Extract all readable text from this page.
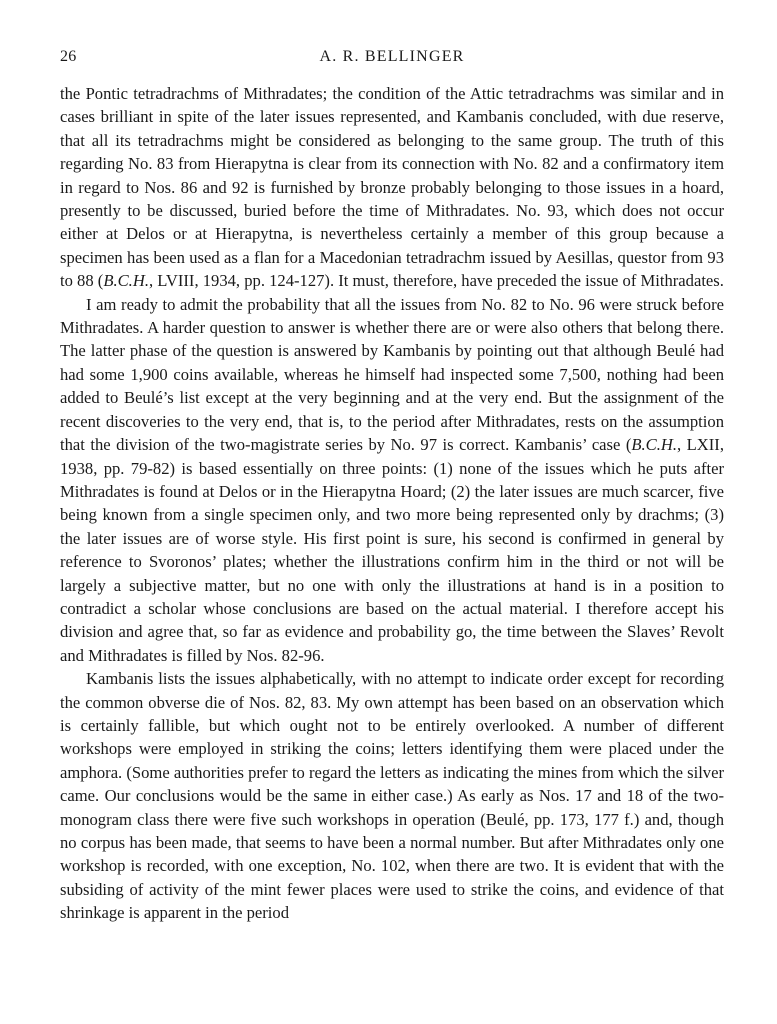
26	A. R. BELLINGER

the Pontic tetradrachms of Mithradates; the condition of the Attic tetradrachms was similar and in cases brilliant in spite of the later issues represented, and Kambanis concluded, with due reserve, that all its tetradrachms might be considered as belonging to the same group. The truth of this regarding No. 83 from Hierapytna is clear from its connection with No. 82 and a confirmatory item in regard to Nos. 86 and 92 is furnished by bronze probably belonging to those issues in a hoard, presently to be discussed, buried before the time of Mithradates. No. 93, which does not occur either at Delos or at Hierapytna, is nevertheless certainly a member of this group because a specimen has been used as a flan for a Macedonian tetradrachm issued by Aesillas, questor from 93 to 88 (B.C.H., LVIII, 1934, pp. 124-127). It must, therefore, have preceded the issue of Mithradates.

I am ready to admit the probability that all the issues from No. 82 to No. 96 were struck before Mithradates. A harder question to answer is whether there are or were also others that belong there. The latter phase of the question is answered by Kambanis by pointing out that although Beulé had had some 1,900 coins available, whereas he himself had inspected some 7,500, nothing had been added to Beulé’s list except at the very beginning and at the very end. But the assignment of the recent discoveries to the very end, that is, to the period after Mithradates, rests on the assumption that the division of the two-magistrate series by No. 97 is correct. Kambanis’ case (B.C.H., LXII, 1938, pp. 79-82) is based essentially on three points: (1) none of the issues which he puts after Mithradates is found at Delos or in the Hierapytna Hoard; (2) the later issues are much scarcer, five being known from a single specimen only, and two more being represented only by drachms; (3) the later issues are of worse style. His first point is sure, his second is confirmed in general by reference to Svoronos’ plates; whether the illustrations confirm him in the third or not will be largely a subjective matter, but no one with only the illustrations at hand is in a position to contradict a scholar whose conclusions are based on the actual material. I therefore accept his division and agree that, so far as evidence and probability go, the time between the Slaves’ Revolt and Mithradates is filled by Nos. 82-96.

Kambanis lists the issues alphabetically, with no attempt to indicate order except for recording the common obverse die of Nos. 82, 83. My own attempt has been based on an observation which is certainly fallible, but which ought not to be entirely overlooked. A number of different workshops were employed in striking the coins; letters identifying them were placed under the amphora. (Some authorities prefer to regard the letters as indicating the mines from which the silver came. Our conclusions would be the same in either case.) As early as Nos. 17 and 18 of the two-monogram class there were five such workshops in operation (Beulé, pp. 173, 177 f.) and, though no corpus has been made, that seems to have been a normal number. But after Mithradates only one workshop is recorded, with one exception, No. 102, when there are two. It is evident that with the subsiding of activity of the mint fewer places were used to strike the coins, and evidence of that shrinkage is apparent in the period
